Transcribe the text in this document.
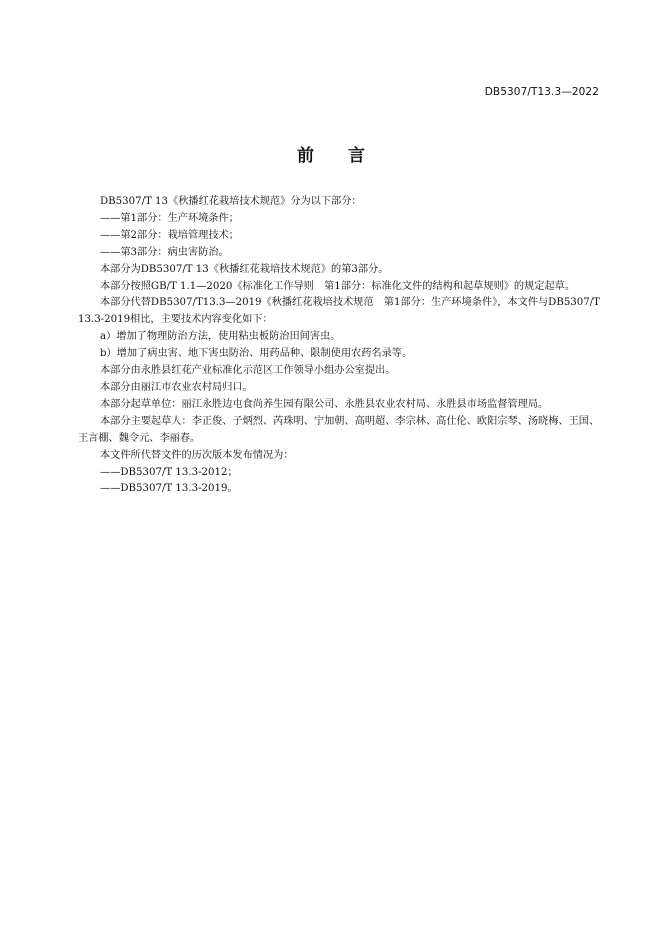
DB5307/T13.3—2022
前 言

DB5307/T 13《秋播红花栽培技术规范》分为以下部分：

——第1部分：生产环境条件；

——第2部分：栽培管理技术；

——第3部分：病虫害防治。

本部分为DB5307/T 13《秋播红花栽培技术规范》的第3部分。

本部分按照GB/T 1.1—2020《标准化工作导则　第1部分：标准化文件的结构和起草规则》的规定起草。

本部分代替DB5307/T13.3—2019《秋播红花栽培技术规范　第1部分：生产环境条件》，本文件与DB5307/T 13.3-2019相比，主要技术内容变化如下：

a）增加了物理防治方法，使用粘虫板防治田间害虫。

b）增加了病虫害、地下害虫防治、用药品种、限制使用农药名录等。

本部分由永胜县红花产业标准化示范区工作领导小组办公室提出。

本部分由丽江市农业农村局归口。

本部分起草单位：丽江永胜边屯食尚养生园有限公司、永胜县农业农村局、永胜县市场监督管理局。

本部分主要起草人：李正俊、子炳烈、芮珠明、宁加朝、高明超、李宗林、高仕伦、欧阳宗琴、汤晓梅、王国、王言棚、魏令元、李丽春。

本文件所代替文件的历次版本发布情况为：

——DB5307/T 13.3-2012；

——DB5307/T 13.3-2019。
